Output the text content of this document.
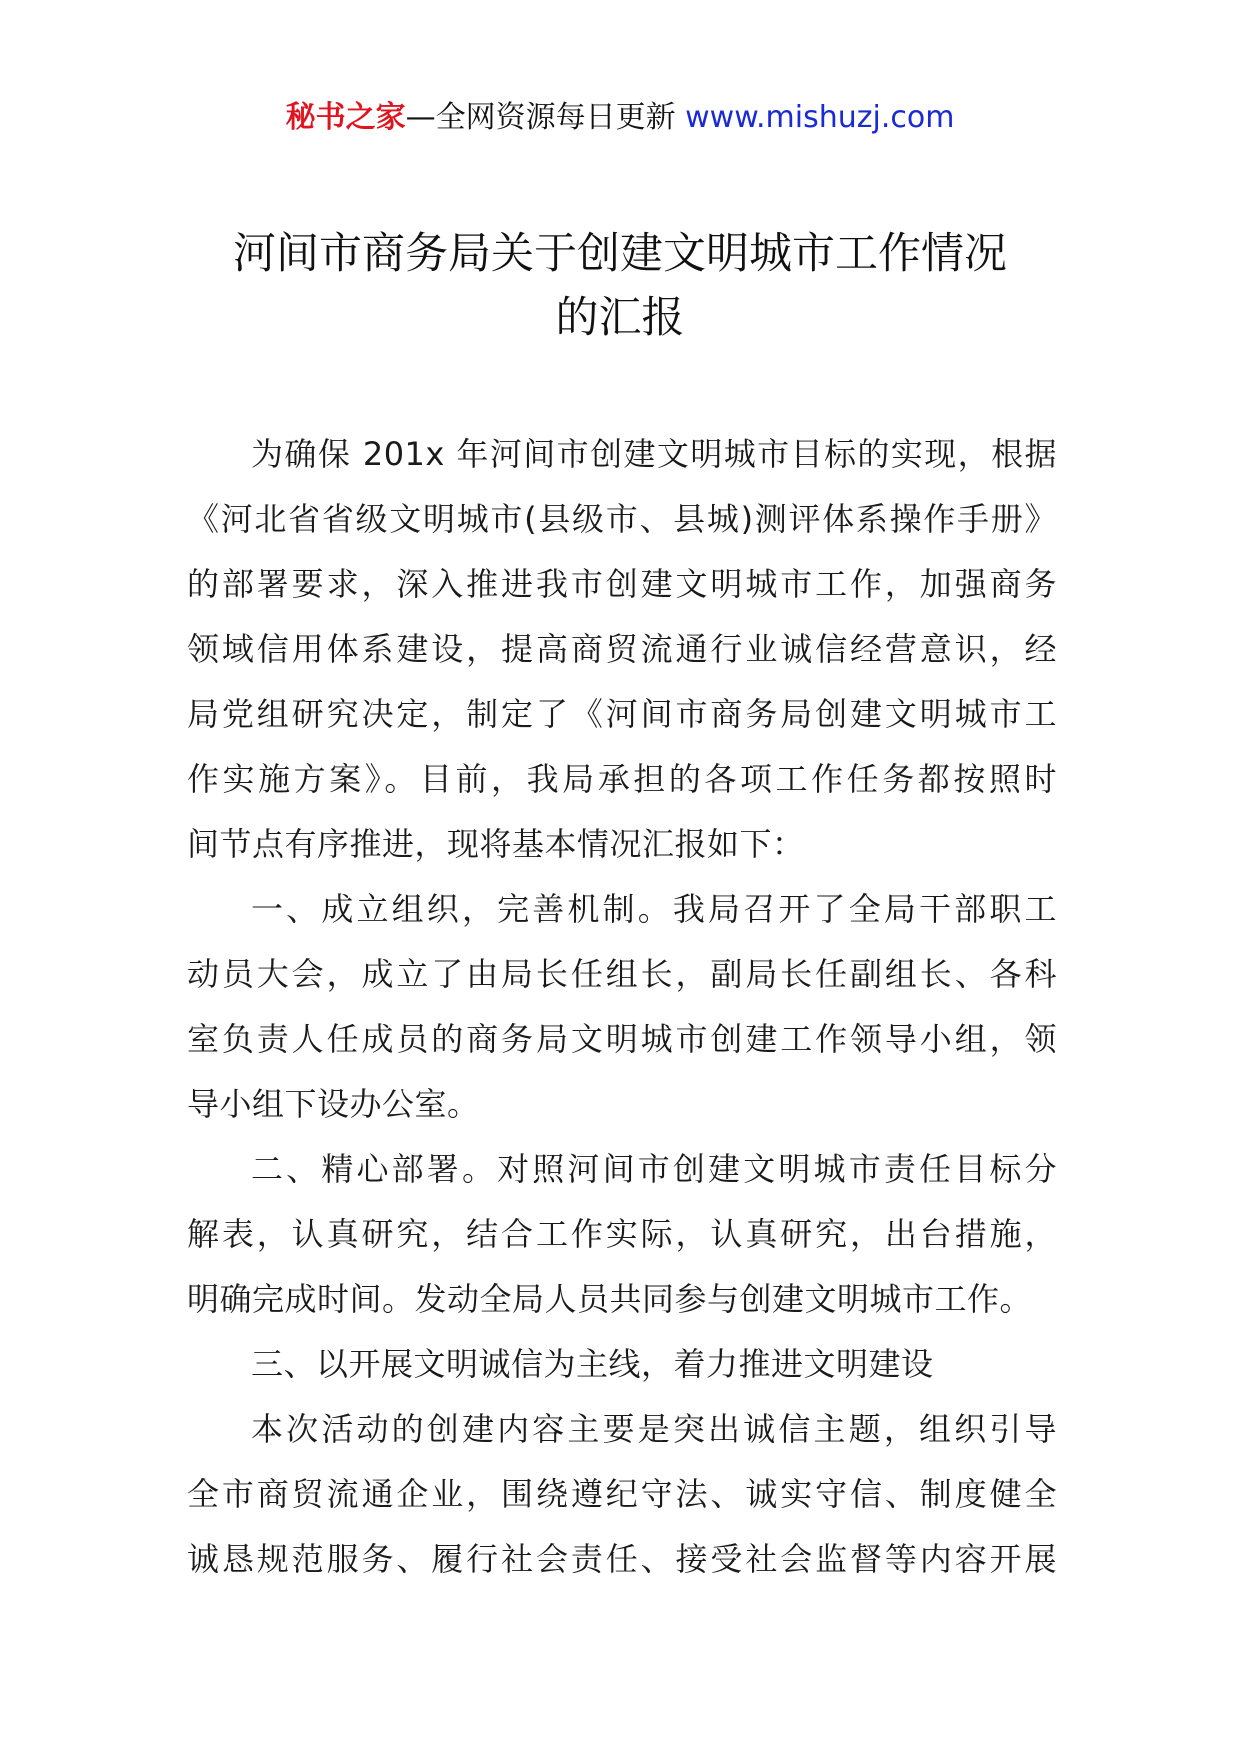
秘书之家—全网资源每日更新 www.mishuzj.com
河间市商务局关于创建文明城市工作情况
的汇报
为确保 201x 年河间市创建文明城市目标的实现，根据
《河北省省级文明城市(县级市、县城)测评体系操作手册》
的部署要求，深入推进我市创建文明城市工作，加强商务
领域信用体系建设，提高商贸流通行业诚信经营意识，经
局党组研究决定，制定了《河间市商务局创建文明城市工
作实施方案》。目前，我局承担的各项工作任务都按照时
间节点有序推进，现将基本情况汇报如下：
一、成立组织，完善机制。我局召开了全局干部职工
动员大会，成立了由局长任组长，副局长任副组长、各科
室负责人任成员的商务局文明城市创建工作领导小组，领
导小组下设办公室。
二、精心部署。对照河间市创建文明城市责任目标分
解表，认真研究，结合工作实际，认真研究，出台措施，
明确完成时间。发动全局人员共同参与创建文明城市工作。
三、以开展文明诚信为主线，着力推进文明建设
本次活动的创建内容主要是突出诚信主题，组织引导
全市商贸流通企业，围绕遵纪守法、诚实守信、制度健全
诚恳规范服务、履行社会责任、接受社会监督等内容开展
